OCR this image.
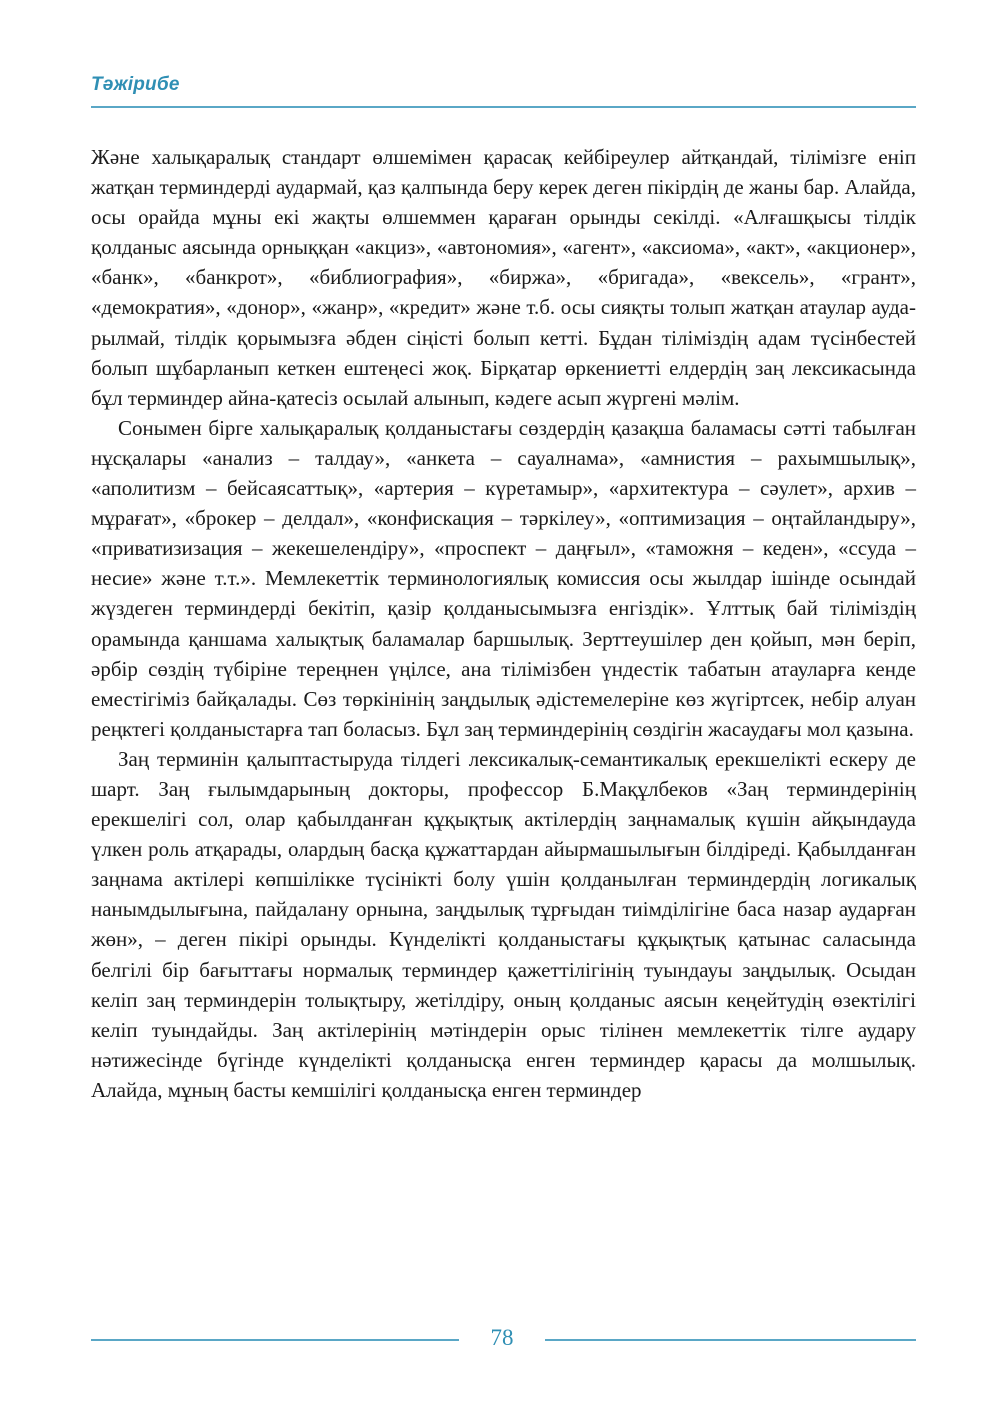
Тәжірибе

Және халықаралық стандарт өлшемімен қарасақ кейбіреулер айтқандай, тілімізге еніп жатқан терминдерді аудармай, қаз қалпында беру керек деген пікірдің де жаны бар. Алайда, осы орайда мұны екі жақты өлшеммен қараған орынды секілді. «Алғашқысы тілдік қолданыс аясында орныққан «акциз», «автономия», «агент», «аксиома», «акт», «акционер», «банк», «банкрот», «библиография», «биржа», «бригада», «вексель», «грант», «демократия», «донор», «жанр», «кредит» және т.б. осы сияқты толып жатқан атаулар аударылмай, тілдік қорымызға әбден сіңісті болып кетті. Бұдан тіліміздің адам түсінбестей болып шұбарланып кеткен ештеңесі жоқ. Бірқатар өркениетті елдердің заң лексикасында бұл терминдер айна-қатесіз осылай алынып, кәдеге асып жүргені мәлім.

Сонымен бірге халықаралық қолданыстағы сөздердің қазақша баламасы сәтті табылған нұсқалары «анализ – талдау», «анкета – сауалнама», «амнистия – рахымшылық», «аполитизм – бейсаясаттық», «артерия – күретамыр», «архитектура – сәулет», архив – мұрағат», «брокер – делдал», «конфискация – тәркілеу», «оптимизация – оңтайландыру», «приватизизация – жекешелендіру», «проспект – даңғыл», «таможня – кеден», «ссуда – несие» және т.т.». Мемлекеттік терминологиялық комиссия осы жылдар ішінде осындай жүздеген терминдерді бекітіп, қазір қолданысымызға енгіздік». Ұлттық бай тіліміздің орамында қаншама халықтық баламалар баршылық. Зерттеушілер ден қойып, мән беріп, әрбір сөздің түбіріне тереңнен үңілсе, ана тілімізбен үндестік табатын атауларға кенде еместігіміз байқалады. Сөз төркінінің заңдылық әдістемелеріне көз жүгіртсек, небір алуан реңктегі қолданыстарға тап боласыз. Бұл заң терминдерінің сөздігін жасаудағы мол қазына.

Заң терминін қалыптастыруда тілдегі лексикалық-семантикалық ерекшелікті ескеру де шарт. Заң ғылымдарының докторы, профессор Б.Мақұлбеков «Заң терминдерінің ерекшелігі сол, олар қабылданған құқықтық актілердің заңнамалық күшін айқындауда үлкен роль атқарады, олардың басқа құжаттардан айырмашылығын білдіреді. Қабылданған заңнама актілері көпшілікке түсінікті болу үшін қолданылған терминдердің логикалық нанымдылығына, пайдалану орнына, заңдылық тұрғыдан тиімділігіне баса назар аударған жөн», – деген пікірі орынды. Күнделікті қолданыстағы құқықтық қатынас саласында белгілі бір бағыттағы нормалық терминдер қажеттілігінің туындауы заңдылық. Осыдан келіп заң терминдерін толықтыру, жетілдіру, оның қолданыс аясын кеңейтудің өзектілігі келіп туындайды. Заң актілерінің мәтіндерін орыс тілінен мемлекеттік тілге аудару нәтижесінде бүгінде күнделікті қолданысқа енген терминдер қарасы да молшылық. Алайда, мұның басты кемшілігі қолданысқа енген терминдер

78
